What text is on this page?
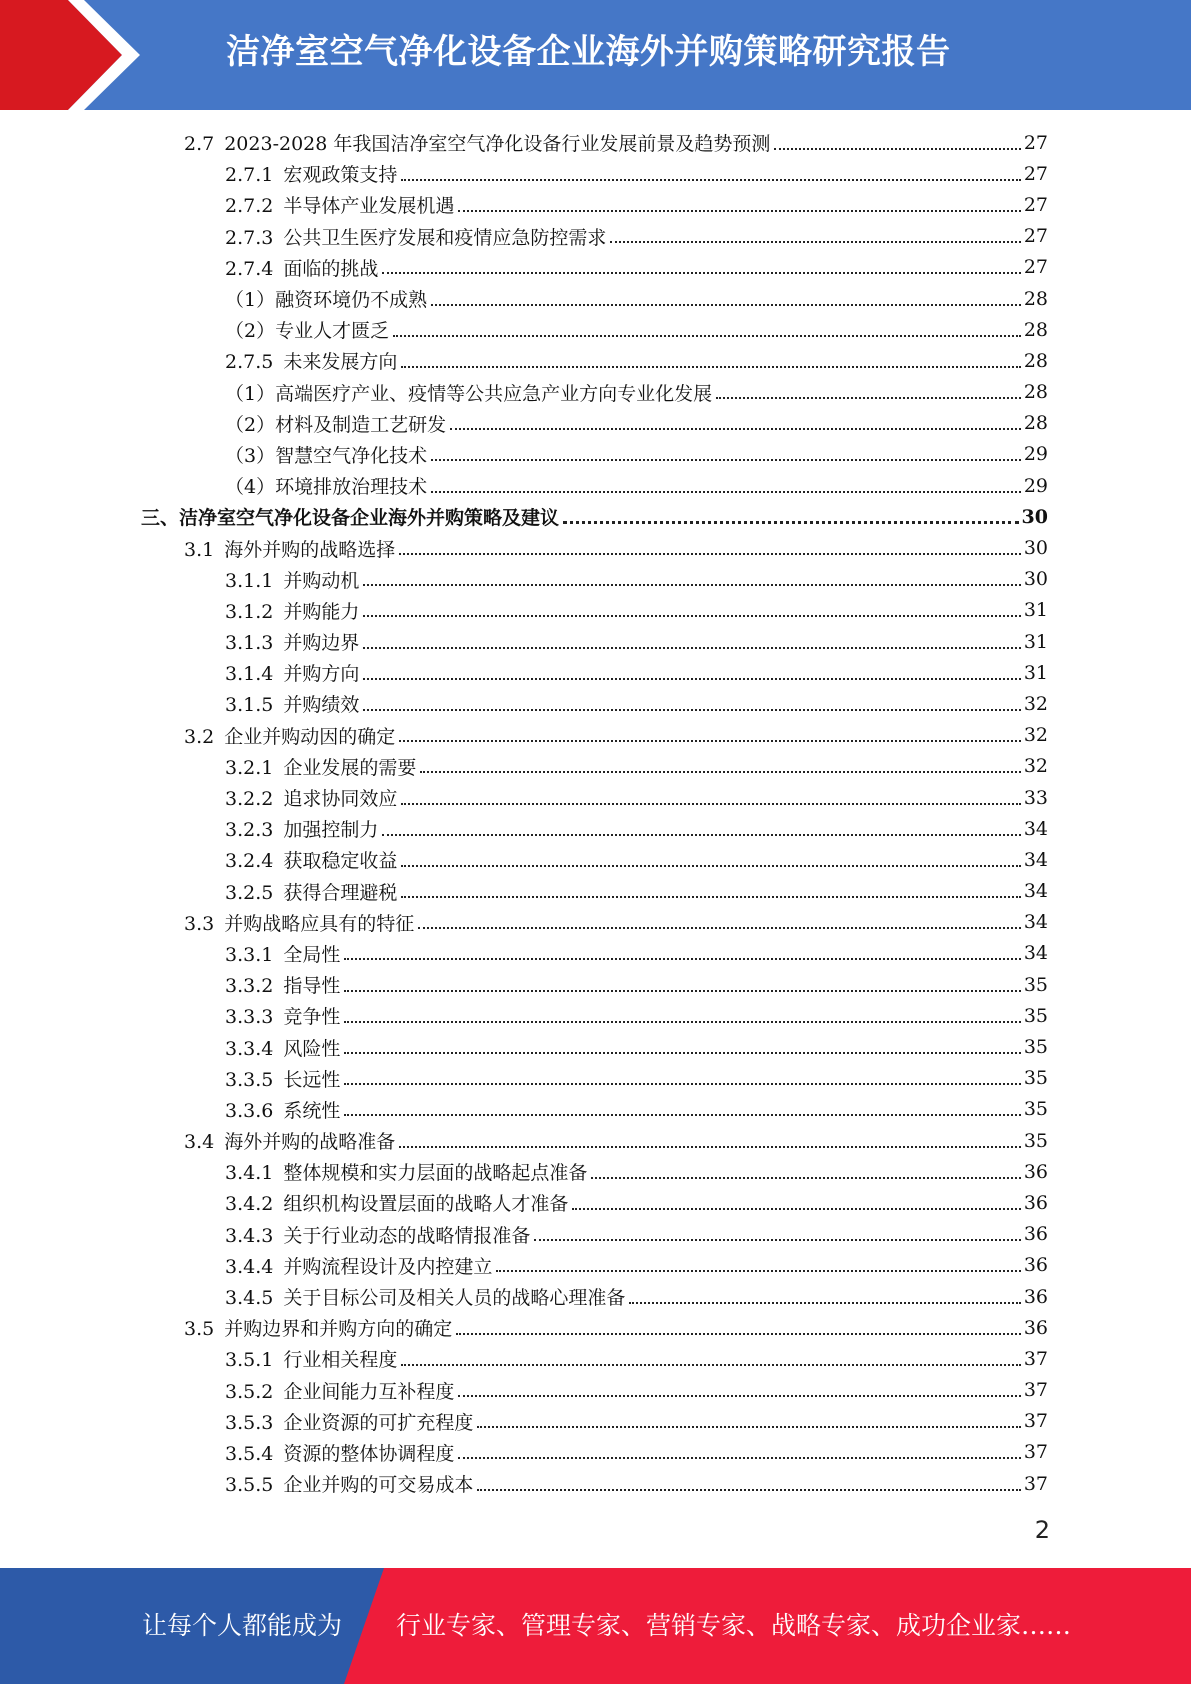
洁净室空气净化设备企业海外并购策略研究报告
2.7 2023-2028 年我国洁净室空气净化设备行业发展前景及趋势预测	27
2.7.1 宏观政策支持	27
2.7.2 半导体产业发展机遇	27
2.7.3 公共卫生医疗发展和疫情应急防控需求	27
2.7.4 面临的挑战	27
（1）融资环境仍不成熟	28
（2）专业人才匮乏	28
2.7.5 未来发展方向	28
（1）高端医疗产业、疫情等公共应急产业方向专业化发展	28
（2）材料及制造工艺研发	28
（3）智慧空气净化技术	29
（4）环境排放治理技术	29
三、洁净室空气净化设备企业海外并购策略及建议	30
3.1 海外并购的战略选择	30
3.1.1 并购动机	30
3.1.2 并购能力	31
3.1.3 并购边界	31
3.1.4 并购方向	31
3.1.5 并购绩效	32
3.2 企业并购动因的确定	32
3.2.1 企业发展的需要	32
3.2.2 追求协同效应	33
3.2.3 加强控制力	34
3.2.4 获取稳定收益	34
3.2.5 获得合理避税	34
3.3 并购战略应具有的特征	34
3.3.1 全局性	34
3.3.2 指导性	35
3.3.3 竞争性	35
3.3.4 风险性	35
3.3.5 长远性	35
3.3.6 系统性	35
3.4 海外并购的战略准备	35
3.4.1 整体规模和实力层面的战略起点准备	36
3.4.2 组织机构设置层面的战略人才准备	36
3.4.3 关于行业动态的战略情报准备	36
3.4.4 并购流程设计及内控建立	36
3.4.5 关于目标公司及相关人员的战略心理准备	36
3.5 并购边界和并购方向的确定	36
3.5.1 行业相关程度	37
3.5.2 企业间能力互补程度	37
3.5.3 企业资源的可扩充程度	37
3.5.4 资源的整体协调程度	37
3.5.5 企业并购的可交易成本	37
2
让每个人都能成为 行业专家、管理专家、营销专家、战略专家、成功企业家……
